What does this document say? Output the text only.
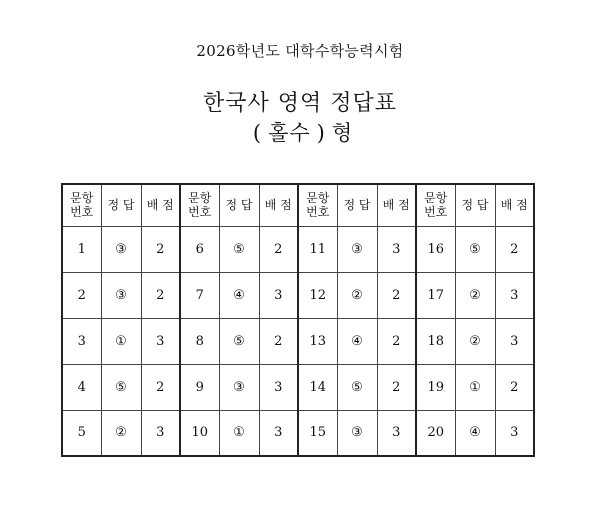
2026학년도 대학수학능력시험
한국사 영역 정답표
( 홀수 ) 형
문항
번호	정 답	배 점	문항
번호	정 답	배 점	문항
번호	정 답	배 점	문항
번호	정 답	배 점
1	③	2	6	⑤	2	11	③	3	16	⑤	2
2	③	2	7	④	3	12	②	2	17	②	3
3	①	3	8	⑤	2	13	④	2	18	②	3
4	⑤	2	9	③	3	14	⑤	2	19	①	2
5	②	3	10	①	3	15	③	3	20	④	3
